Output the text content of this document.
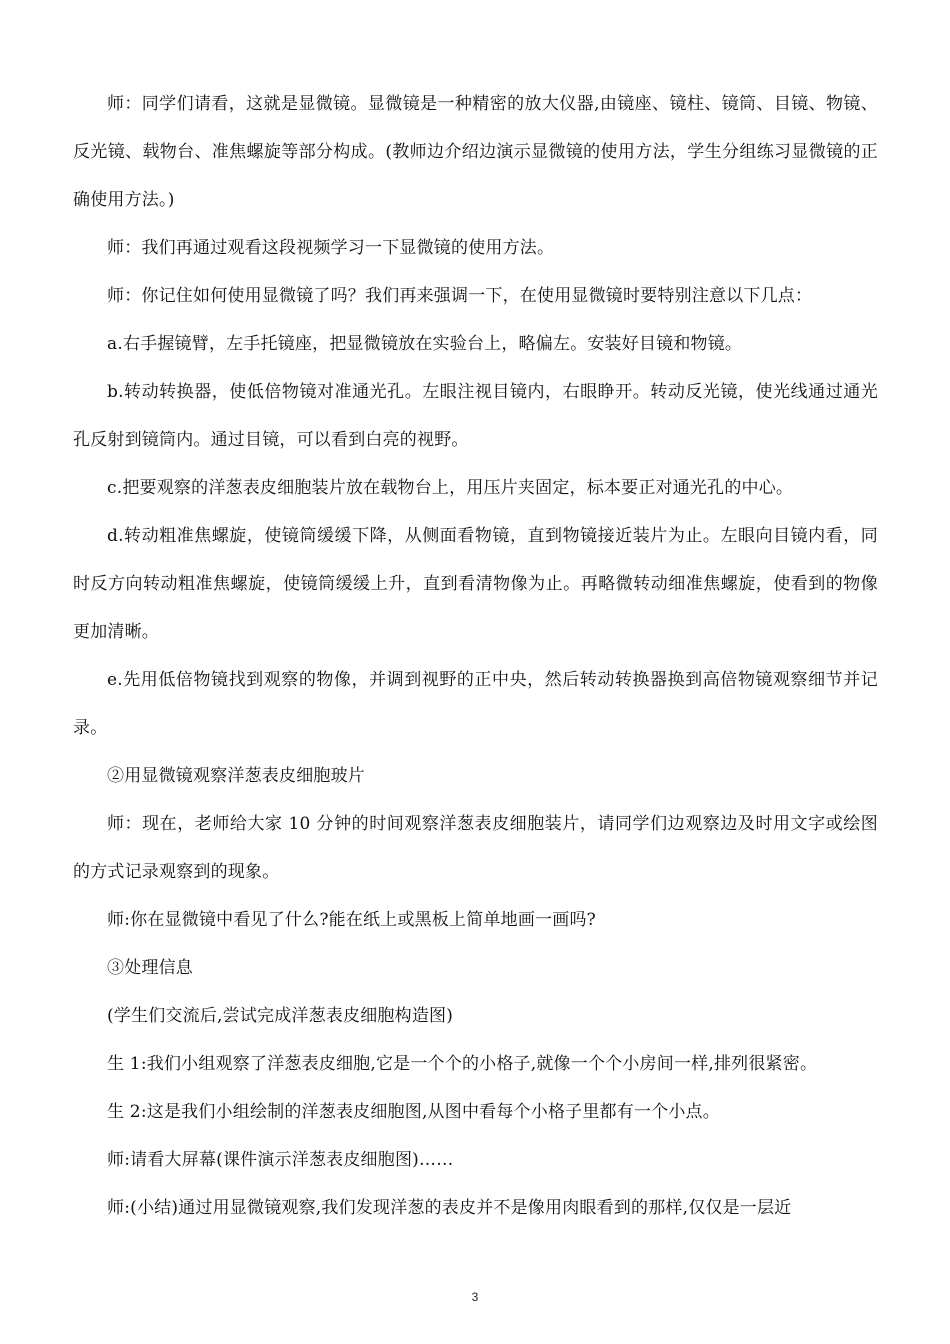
师：同学们请看，这就是显微镜。显微镜是一种精密的放大仪器,由镜座、镜柱、镜筒、目镜、物镜、反光镜、载物台、准焦螺旋等部分构成。(教师边介绍边演示显微镜的使用方法，学生分组练习显微镜的正确使用方法。)

师：我们再通过观看这段视频学习一下显微镜的使用方法。

师：你记住如何使用显微镜了吗？我们再来强调一下，在使用显微镜时要特别注意以下几点：

a.右手握镜臂，左手托镜座，把显微镜放在实验台上，略偏左。安装好目镜和物镜。

b.转动转换器，使低倍物镜对准通光孔。左眼注视目镜内，右眼睁开。转动反光镜，使光线通过通光孔反射到镜筒内。通过目镜，可以看到白亮的视野。

c.把要观察的洋葱表皮细胞装片放在载物台上，用压片夹固定，标本要正对通光孔的中心。

d.转动粗准焦螺旋，使镜筒缓缓下降，从侧面看物镜，直到物镜接近装片为止。左眼向目镜内看，同时反方向转动粗准焦螺旋，使镜筒缓缓上升，直到看清物像为止。再略微转动细准焦螺旋，使看到的物像更加清晰。

e.先用低倍物镜找到观察的物像，并调到视野的正中央，然后转动转换器换到高倍物镜观察细节并记录。

②用显微镜观察洋葱表皮细胞玻片

师：现在，老师给大家 10 分钟的时间观察洋葱表皮细胞装片，请同学们边观察边及时用文字或绘图的方式记录观察到的现象。

师:你在显微镜中看见了什么?能在纸上或黑板上简单地画一画吗?

③处理信息

(学生们交流后,尝试完成洋葱表皮细胞构造图)

生 1:我们小组观察了洋葱表皮细胞,它是一个个的小格子,就像一个个小房间一样,排列很紧密。

生 2:这是我们小组绘制的洋葱表皮细胞图,从图中看每个小格子里都有一个小点。

师:请看大屏幕(课件演示洋葱表皮细胞图)……

师:(小结)通过用显微镜观察,我们发现洋葱的表皮并不是像用肉眼看到的那样,仅仅是一层近

3
